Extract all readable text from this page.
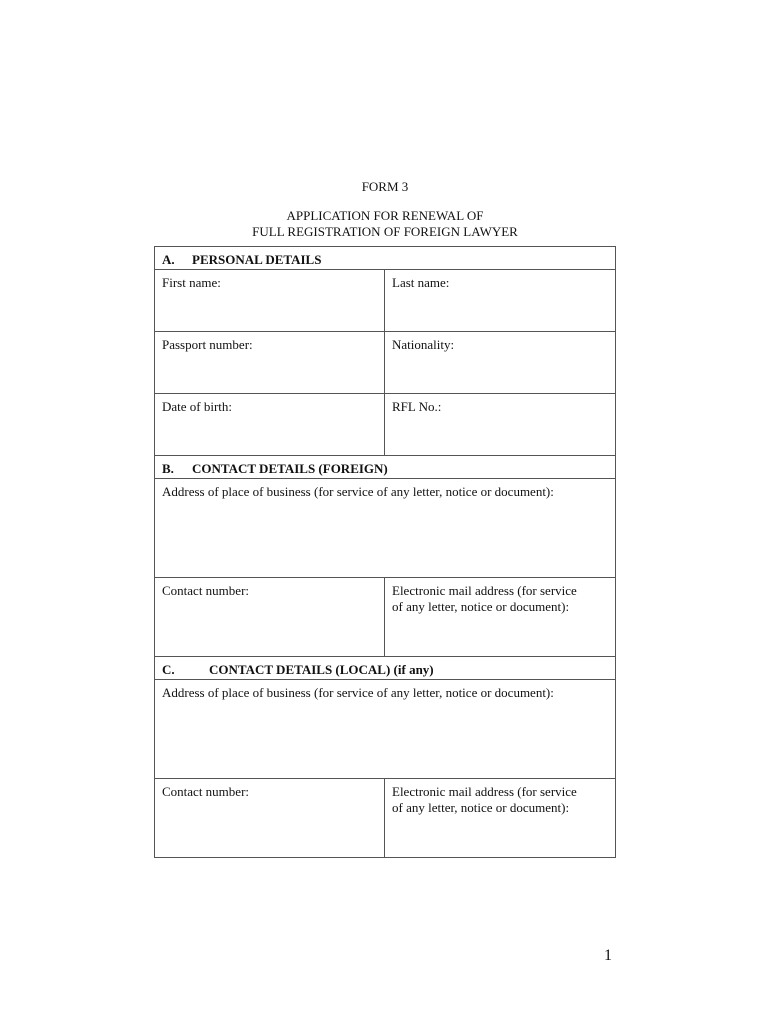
FORM 3
APPLICATION FOR RENEWAL OF
FULL REGISTRATION OF FOREIGN LAWYER
A. PERSONAL DETAILS	
First name:	Last name:
Passport number:	Nationality:
Date of birth:	RFL No.:
B. CONTACT DETAILS (FOREIGN)	
Address of place of business (for service of any letter, notice or document):	
Contact number:	Electronic mail address (for service
of any letter, notice or document):

C. CONTACT DETAILS (LOCAL) (if any)	
Address of place of business (for service of any letter, notice or document):	
Contact number:	Electronic mail address (for service
of any letter, notice or document):
1
